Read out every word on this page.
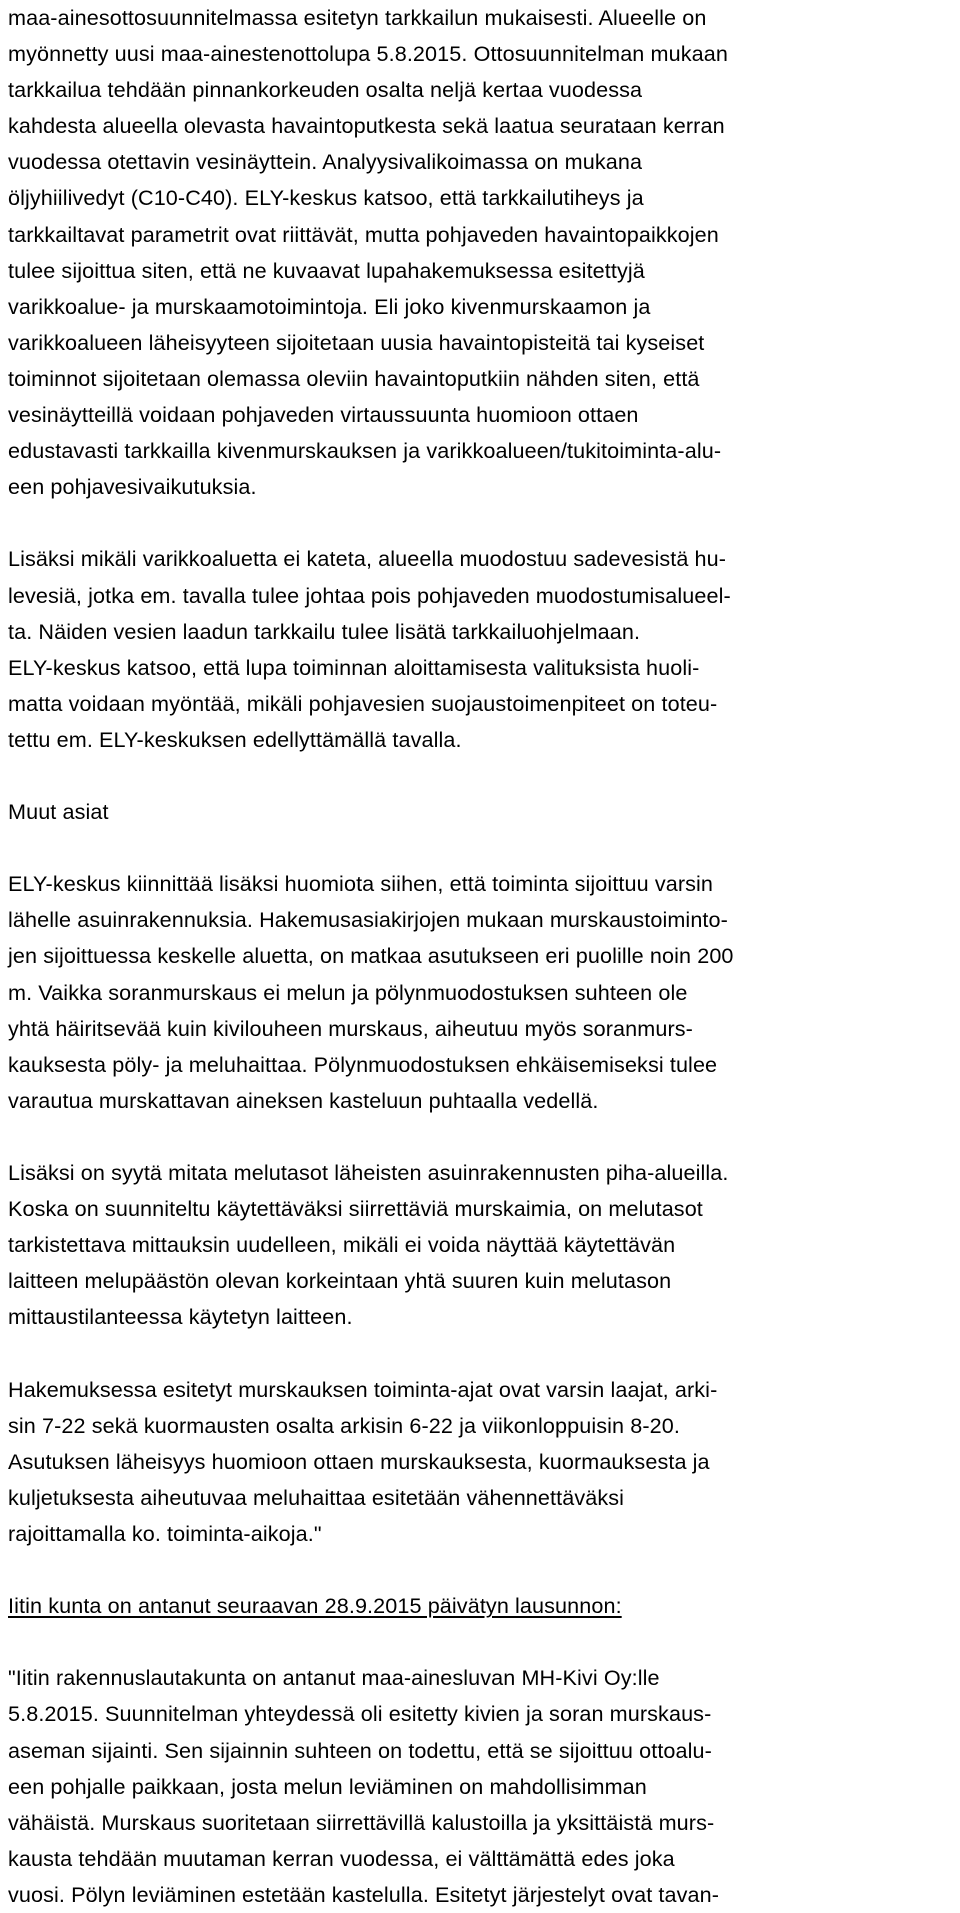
maa-ainesottosuunnitelmassa esitetyn tarkkailun mukaisesti. Alueelle on
myönnetty uusi maa-ainestenottolupa 5.8.2015. Ottosuunnitelman mukaan
tarkkailua tehdään pinnankorkeuden osalta neljä kertaa vuodessa
kahdesta alueella olevasta havaintoputkesta sekä laatua seurataan kerran
vuodessa otettavin vesinäyttein. Analyysivalikoimassa on mukana
öljyhiilivedyt (C10-C40). ELY-keskus katsoo, että tarkkailutiheys ja
tarkkailtavat parametrit ovat riittävät, mutta pohjaveden havaintopaikkojen
tulee sijoittua siten, että ne kuvaavat lupahakemuksessa esitettyjä
varikkoalue- ja murskaamotoimintoja. Eli joko kivenmurskaamon ja
varikkoalueen läheisyyteen sijoitetaan uusia havaintopisteitä tai kyseiset
toiminnot sijoitetaan olemassa oleviin havaintoputkiin nähden siten, että
vesinäytteillä voidaan pohjaveden virtaussuunta huomioon ottaen
edustavasti tarkkailla kivenmurskauksen ja varikkoalueen/tukitoiminta-alu-
een pohjavesivaikutuksia.
Lisäksi mikäli varikkoaluetta ei kateta, alueella muodostuu sadevesistä hu-
levesiä, jotka em. tavalla tulee johtaa pois pohjaveden muodostumisalueel-
ta. Näiden vesien laadun tarkkailu tulee lisätä tarkkailuohjelmaan.
ELY-keskus katsoo, että lupa toiminnan aloittamisesta valituksista huoli-
matta voidaan myöntää, mikäli pohjavesien suojaustoimenpiteet on toteu-
tettu em. ELY-keskuksen edellyttämällä tavalla.
Muut asiat
ELY-keskus kiinnittää lisäksi huomiota siihen, että toiminta sijoittuu varsin
lähelle asuinrakennuksia. Hakemusasiakirjojen mukaan murskaustoiminto-
jen sijoittuessa keskelle aluetta, on matkaa asutukseen eri puolille noin 200
m. Vaikka soranmurskaus ei melun ja pölynmuodostuksen suhteen ole
yhtä häiritsevää kuin kivilouheen murskaus, aiheutuu myös soranmurs-
kauksesta pöly- ja meluhaittaa. Pölynmuodostuksen ehkäisemiseksi tulee
varautua murskattavan aineksen kasteluun puhtaalla vedellä.
Lisäksi on syytä mitata melutasot läheisten asuinrakennusten piha-alueilla.
Koska on suunniteltu käytettäväksi siirrettäviä murskaimia, on melutasot
tarkistettava mittauksin uudelleen, mikäli ei voida näyttää käytettävän
laitteen melupäästön olevan korkeintaan yhtä suuren kuin melutason
mittaustilanteessa käytetyn laitteen.
Hakemuksessa esitetyt murskauksen toiminta-ajat ovat varsin laajat, arki-
sin 7-22 sekä kuormausten osalta arkisin 6-22 ja viikonloppuisin 8-20.
Asutuksen läheisyys huomioon ottaen murskauksesta, kuormauksesta ja
kuljetuksesta aiheutuvaa meluhaittaa esitetään vähennettäväksi
rajoittamalla ko. toiminta-aikoja."
Iitin kunta on antanut seuraavan 28.9.2015 päivätyn lausunnon:
"Iitin rakennuslautakunta on antanut maa-ainesluvan MH-Kivi Oy:lle
5.8.2015. Suunnitelman yhteydessä oli esitetty kivien ja soran murskaus-
aseman sijainti. Sen sijainnin suhteen on todettu, että se sijoittuu ottoalu-
een pohjalle paikkaan, josta melun leviäminen on mahdollisimman
vähäistä. Murskaus suoritetaan siirrettävillä kalustoilla ja yksittäistä murs-
kausta tehdään muutaman kerran vuodessa, ei välttämättä edes joka
vuosi. Pölyn leviäminen estetään kastelulla. Esitetyt järjestelyt ovat tavan-
